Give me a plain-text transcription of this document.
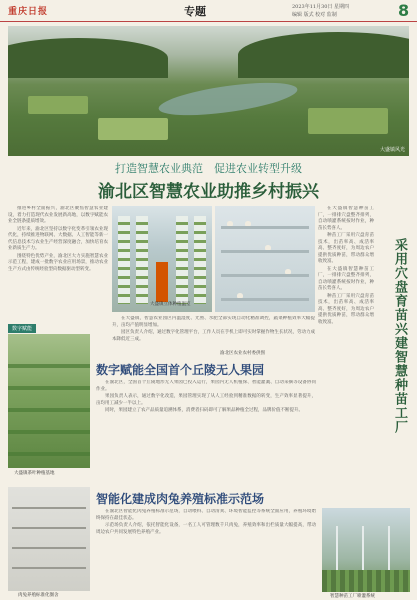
重庆日报	专题	2023年11月30日 星期四
编辑 版式 校对 监制	8
大盛镇风光
打造智慧农业典范　促进农业转型升级
渝北区智慧农业助推乡村振兴

推进乡村全面振兴，渝北区聚焦智慧农业建设，着力打造现代农业发展新高地，以数字赋能农业全链条提质增效。

近年来，渝北区坚持以数字化变革引领农业现代化，持续推进物联网、大数据、人工智能等新一代信息技术与农业生产经营深度融合，加快培育农业新质生产力。

围绕特色优势产业，渝北区大力实施智慧农业示范工程，建成一批数字农业应用场景，推动农业生产方式由传统经验型向数据驱动型转变。

大盛镇立体种植温室

在大盛镇，智慧农业园区内温湿度、光照、水肥全部实现自动化精准调控，蔬菜种植效率大幅提升，亩均产值明显增加。

园区负责人介绍，通过数字化管理平台，工作人员在手机上即可实时掌握作物生长状况，劳动力成本降低近三成。

在大盛镇智慧种苗工厂，一排排穴盘整齐排列，自动喷灌系统按时作业，种苗长势喜人。

种苗工厂采用穴盘育苗技术，出苗率高、成活率高、整齐度好，为周边农户提供优质种苗，带动群众增收致富。

在大盛镇智慧种苗工厂，一排排穴盘整齐排列，自动喷灌系统按时作业，种苗长势喜人。

种苗工厂采用穴盘育苗技术，出苗率高、成活率高、整齐度好，为周边农户提供优质种苗，带动群众增收致富。	采用穴盘育苗兴建智慧种苗工厂
数字赋能
数字赋能全国首个丘陵无人果园

在渝北区，全国首个丘陵地形无人果园已投入运行，果园内无人机植保、智能灌溉、自动采摘等设备协同作业。

果园负责人表示，通过数字化改造，果园管理实现了从人工经验到精准数据的转变，生产效率显著提升，亩均用工减少一半以上。

同时，果园建立了农产品质量追溯体系，消费者扫码即可了解果品种植全过程，品牌价值不断提升。

大盛镇茶叶种植基地
智能化建成肉兔养殖标准示范场

在渝北区智能化肉兔养殖标准示范场，自动喂料、自动清粪、环境智能监控等系统全面应用，养殖环境始终保持在最佳状态。

示范场负责人介绍，依托智能化设备，一名工人可管理数千只肉兔，养殖效率和出栏质量大幅提高，带动周边农户共同发展特色养殖产业。

肉兔养殖标准化圈舍	智慧种苗工厂喷灌系统
渝北区农业农村委供图
